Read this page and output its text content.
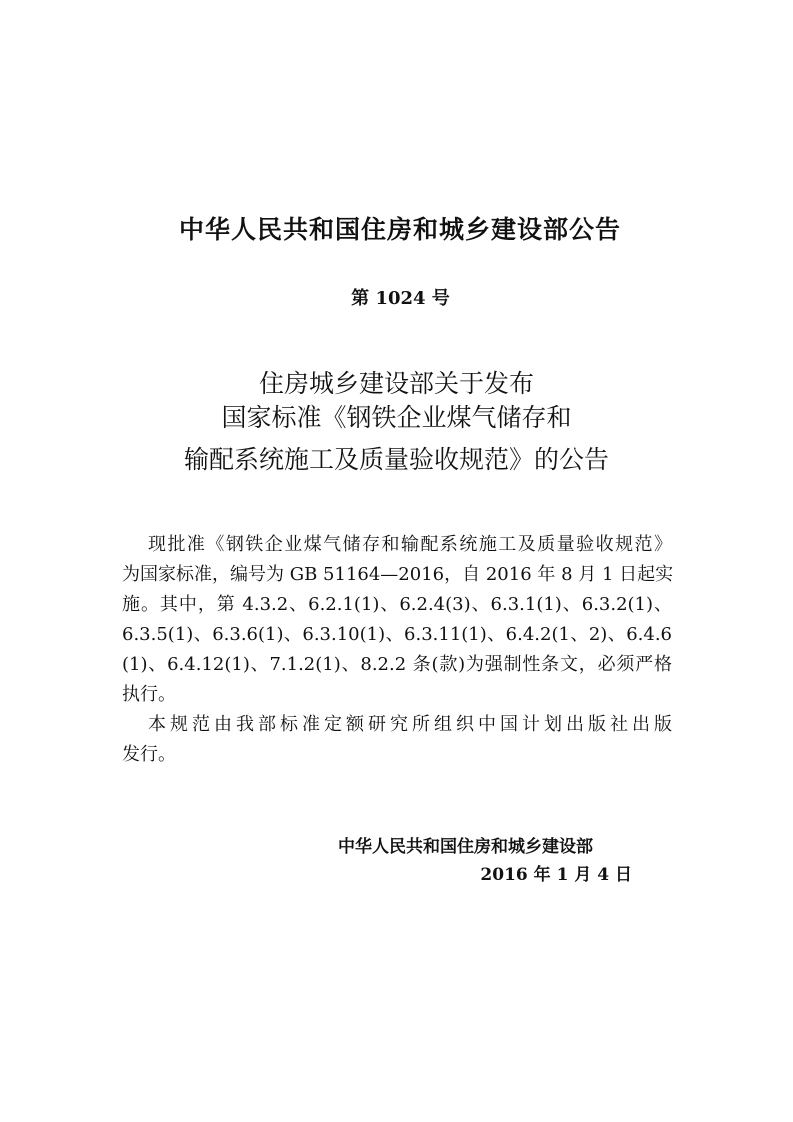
中华人民共和国住房和城乡建设部公告
第 1024 号
住房城乡建设部关于发布
国家标准《钢铁企业煤气储存和
输配系统施工及质量验收规范》的公告
现批准《钢铁企业煤气储存和输配系统施工及质量验收规范》
为国家标准，编号为 GB 51164—2016，自 2016 年 8 月 1 日起实
施。其中，第 4.3.2、6.2.1(1)、6.2.4(3)、6.3.1(1)、6.3.2(1)、
6.3.5(1)、6.3.6(1)、6.3.10(1)、6.3.11(1)、6.4.2(1、2)、6.4.6
(1)、6.4.12(1)、7.1.2(1)、8.2.2 条(款)为强制性条文，必须严格
执行。
本规范由我部标准定额研究所组织中国计划出版社出版
发行。
中华人民共和国住房和城乡建设部
2016 年 1 月 4 日
